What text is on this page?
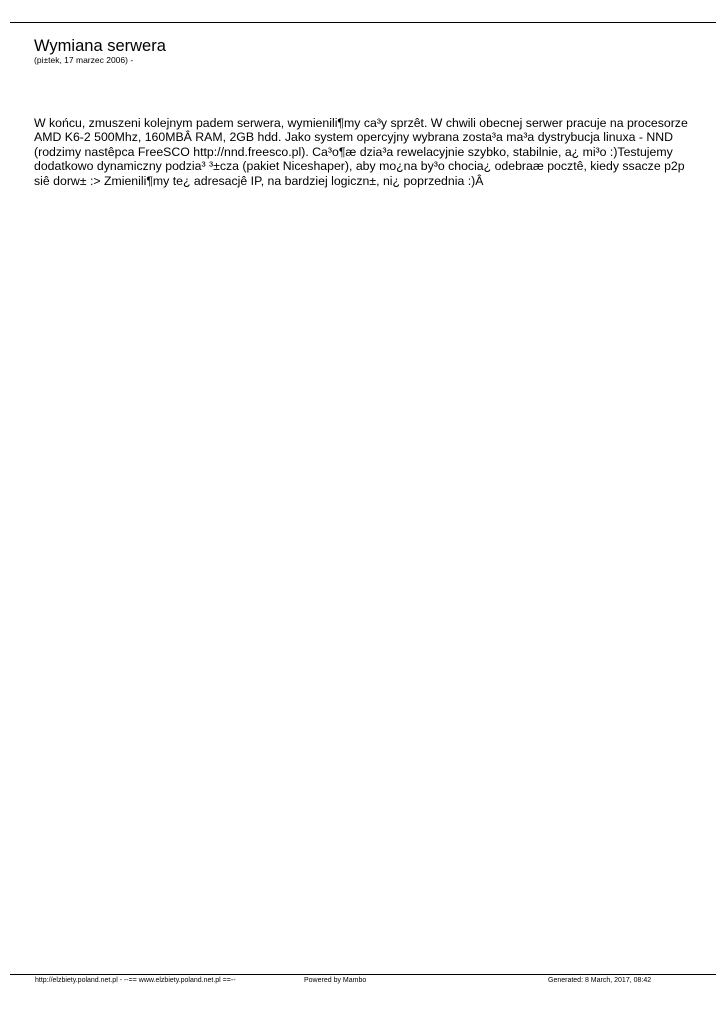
Wymiana serwera
(pi±tek, 17 marzec 2006) -

W końcu, zmuszeni kolejnym padem serwera, wymienili¶my ca³y sprzêt. W chwili obecnej serwer pracuje na procesorze AMD K6-2 500Mhz, 160MBÂ RAM, 2GB hdd. Jako system opercyjny wybrana zosta³a ma³a dystrybucja linuxa - NND (rodzimy nastêpca FreeSCO http://nnd.freesco.pl). Ca³o¶æ dzia³a rewelacyjnie szybko, stabilnie, a¿ mi³o :)Testujemy dodatkowo dynamiczny podzia³ ³±cza (pakiet Niceshaper), aby mo¿na by³o chocia¿ odebraæ pocztê, kiedy ssacze p2p siê dorw± :> Zmienili¶my te¿ adresacjê IP, na bardziej logiczn±, ni¿ poprzednia :)Â

http://elzbiety.poland.net.pl - --== www.elzbiety.poland.net.pl ==--	Powered by Mambo	Generated: 8 March, 2017, 08:42
